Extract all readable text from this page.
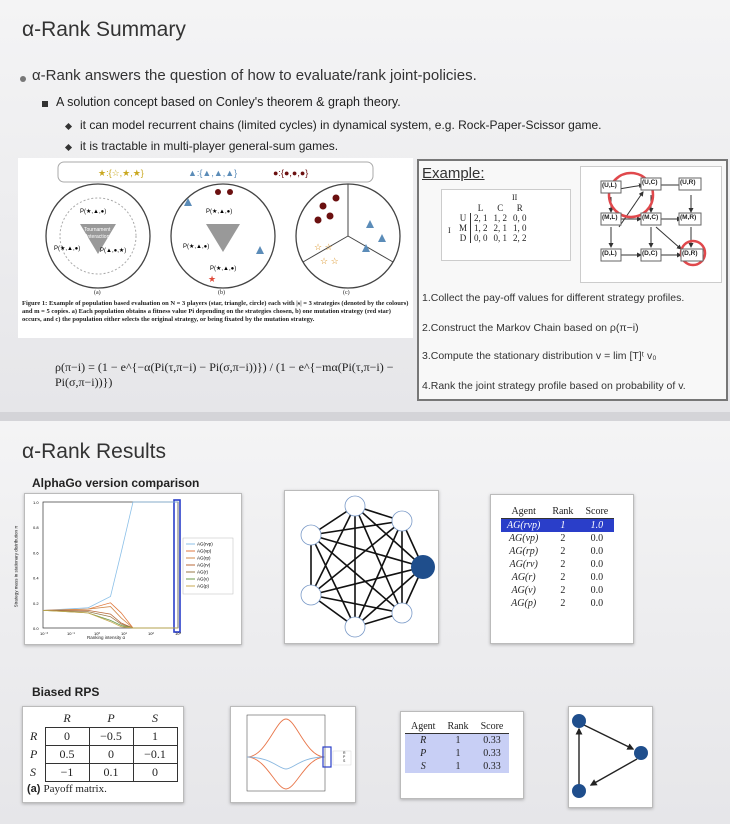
α-Rank Summary
α-Rank answers the question of how to evaluate/rank joint-policies.
A solution concept based on Conley's theorem & graph theory.
it can model recurrent chains (limited cycles) in dynamical system, e.g. Rock-Paper-Scissor game.
it is tractable in multi-player general-sum games.
★:{☆,★,★}	▲:{▲,▲,▲}	●:{●,●,●}
Tournament
Interaction
P(★,▲,●)
P(★,▲,●)	P(▲,●,★)
P(★,▲,●)
P(★,▲,●)
P(★,▲,●)
★
☆ ☆
☆ ☆
(a)	(b)	(c)
Figure 1: Example of population based evaluation on N = 3 players (star, triangle, circle) each with |s| = 3 strategies (denoted by the colours) and m = 5 copies. a) Each population obtains a fitness value Pi depending on the strategies chosen, b) one mutation strategy (red star) occurs, and c) the population either selects the original strategy, or being fixated by the mutation strategy.
ρ(π−i) = (1 − e^{−α(Pi(τ,π−i) − Pi(σ,π−i))}) / (1 − e^{−mα(Pi(τ,π−i) − Pi(σ,π−i))})
Example:
II
I
	L	C	R
U	2, 1	1, 2	0, 0
M	1, 2	2, 1	1, 0
D	0, 0	0, 1	2, 2
(U,L)	(U,C)	(U,R)
(M,L)	(M,C)	(M,R)
(D,L)	(D,C)	(D,R)
1.Collect the pay-off values for different strategy profiles.
2.Construct the Markov Chain based on ρ(π−i)
3.Compute the stationary distribution v = lim [T]ᵗ v₀
4.Rank the joint strategy profile based on probability of v.
α-Rank Results
AlphaGo version comparison
AG(rvp)
AG(vp)
AG(rp)
AG(rv)
AG(r)
AG(v)
AG(p)
1.0
0.8
0.6
0.4
0.2
0.0
10⁻³	10⁻¹	10⁰	10¹	10²	10³
Ranking intensity α
Strategy mass in stationary distribution π
Agent	Rank	Score
AG(rvp)	1	1.0
AG(vp)	2	0.0
AG(rp)	2	0.0
AG(rv)	2	0.0
AG(r)	2	0.0
AG(v)	2	0.0
AG(p)	2	0.0
Biased RPS
	R	P	S
R	0	−0.5	1
P	0.5	0	−0.1
S	−1	0.1	0
(a) Payoff matrix.
R
P
S
Agent	Rank	Score
R	1	0.33
P	1	0.33
S	1	0.33
